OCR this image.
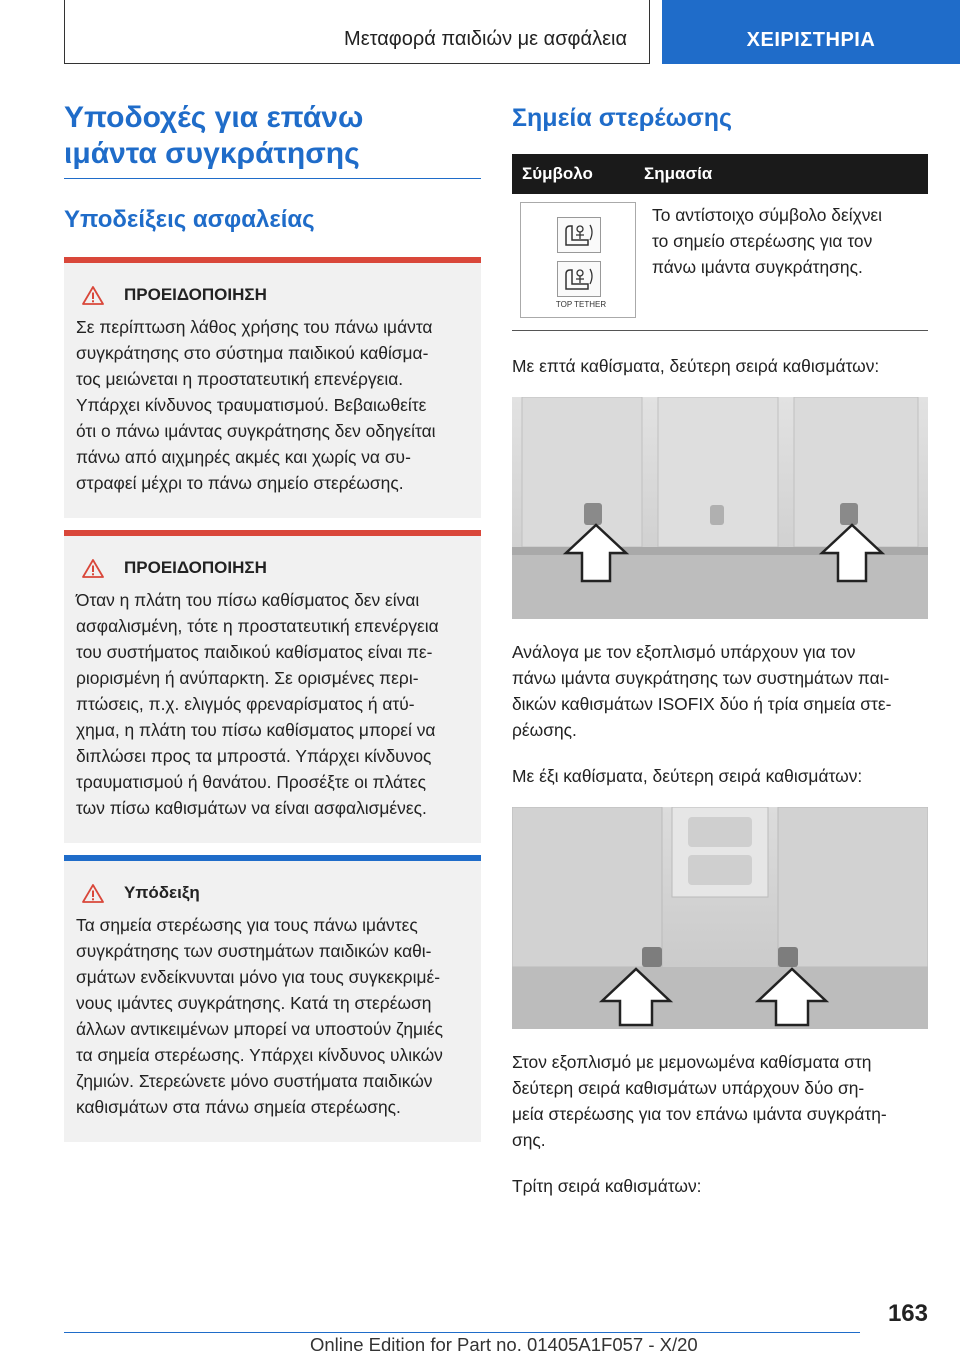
Μεταφορά παιδιών με ασφάλεια	ΧΕΙΡΙΣΤΗΡΙΑ
Υποδοχές για επάνω
ιμάντα συγκράτησης
Υποδείξεις ασφαλείας
ΠΡΟΕΙΔΟΠΟΙΗΣΗ
Σε περίπτωση λάθος χρήσης του πάνω ιμάντα
συγκράτησης στο σύστημα παιδικού καθίσμα-
τος μειώνεται η προστατευτική επενέργεια.
Υπάρχει κίνδυνος τραυματισμού. Βεβαιωθείτε
ότι ο πάνω ιμάντας συγκράτησης δεν οδηγείται
πάνω από αιχμηρές ακμές και χωρίς να συ-
στραφεί μέχρι το πάνω σημείο στερέωσης.
ΠΡΟΕΙΔΟΠΟΙΗΣΗ
Όταν η πλάτη του πίσω καθίσματος δεν είναι
ασφαλισμένη, τότε η προστατευτική επενέργεια
του συστήματος παιδικού καθίσματος είναι πε-
ριορισμένη ή ανύπαρκτη. Σε ορισμένες περι-
πτώσεις, π.χ. ελιγμός φρεναρίσματος ή ατύ-
χημα, η πλάτη του πίσω καθίσματος μπορεί να
διπλώσει προς τα μπροστά. Υπάρχει κίνδυνος
τραυματισμού ή θανάτου. Προσέξτε οι πλάτες
των πίσω καθισμάτων να είναι ασφαλισμένες.
Υπόδειξη
Τα σημεία στερέωσης για τους πάνω ιμάντες
συγκράτησης των συστημάτων παιδικών καθι-
σμάτων ενδείκνυνται μόνο για τους συγκεκριμέ-
νους ιμάντες συγκράτησης. Κατά τη στερέωση
άλλων αντικειμένων μπορεί να υποστούν ζημιές
τα σημεία στερέωσης. Υπάρχει κίνδυνος υλικών
ζημιών. Στερεώνετε μόνο συστήματα παιδικών
καθισμάτων στα πάνω σημεία στερέωσης.
Σημεία στερέωσης
Σύμβολο	Σημασία
TOP TETHER
Το αντίστοιχο σύμβολο δείχνει
το σημείο στερέωσης για τον
πάνω ιμάντα συγκράτησης.
Με επτά καθίσματα, δεύτερη σειρά καθισμάτων:
Ανάλογα με τον εξοπλισμό υπάρχουν για τον
πάνω ιμάντα συγκράτησης των συστημάτων παι-
δικών καθισμάτων ISOFIX δύο ή τρία σημεία στε-
ρέωσης.
Με έξι καθίσματα, δεύτερη σειρά καθισμάτων:
Στον εξοπλισμό με μεμονωμένα καθίσματα στη
δεύτερη σειρά καθισμάτων υπάρχουν δύο ση-
μεία στερέωσης για τον επάνω ιμάντα συγκράτη-
σης.
Τρίτη σειρά καθισμάτων:
163
Online Edition for Part no. 01405A1F057 - X/20
